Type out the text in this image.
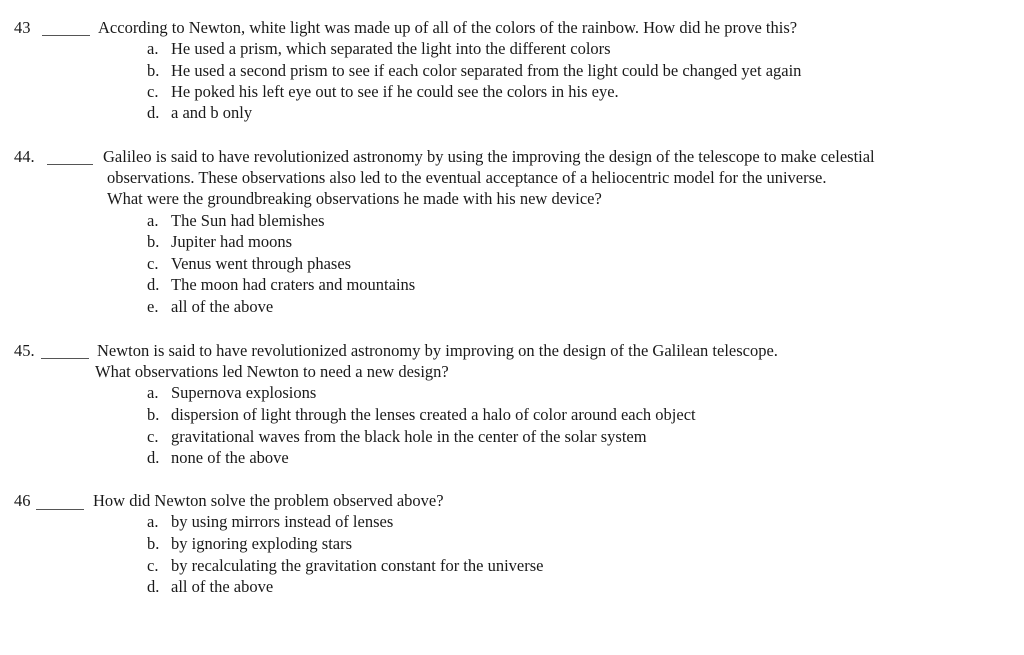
43	According to Newton, white light was made up of all of the colors of the rainbow. How did he prove this?
a. He used a prism, which separated the light into the different colors
b. He used a second prism to see if each color separated from the light could be changed yet again
c. He poked his left eye out to see if he could see the colors in his eye.
d. a and b only
44.	Galileo is said to have revolutionized astronomy by using the improving the design of the telescope to make celestial
observations. These observations also led to the eventual acceptance of a heliocentric model for the universe.
What were the groundbreaking observations he made with his new device?
a. The Sun had blemishes
b. Jupiter had moons
c. Venus went through phases
d. The moon had craters and mountains
e. all of the above
45.	Newton is said to have revolutionized astronomy by improving on the design of the Galilean telescope.
What observations led Newton to need a new design?
a. Supernova explosions
b. dispersion of light through the lenses created a halo of color around each object
c. gravitational waves from the black hole in the center of the solar system
d. none of the above
46	How did Newton solve the problem observed above?
a. by using mirrors instead of lenses
b. by ignoring exploding stars
c. by recalculating the gravitation constant for the universe
d. all of the above
